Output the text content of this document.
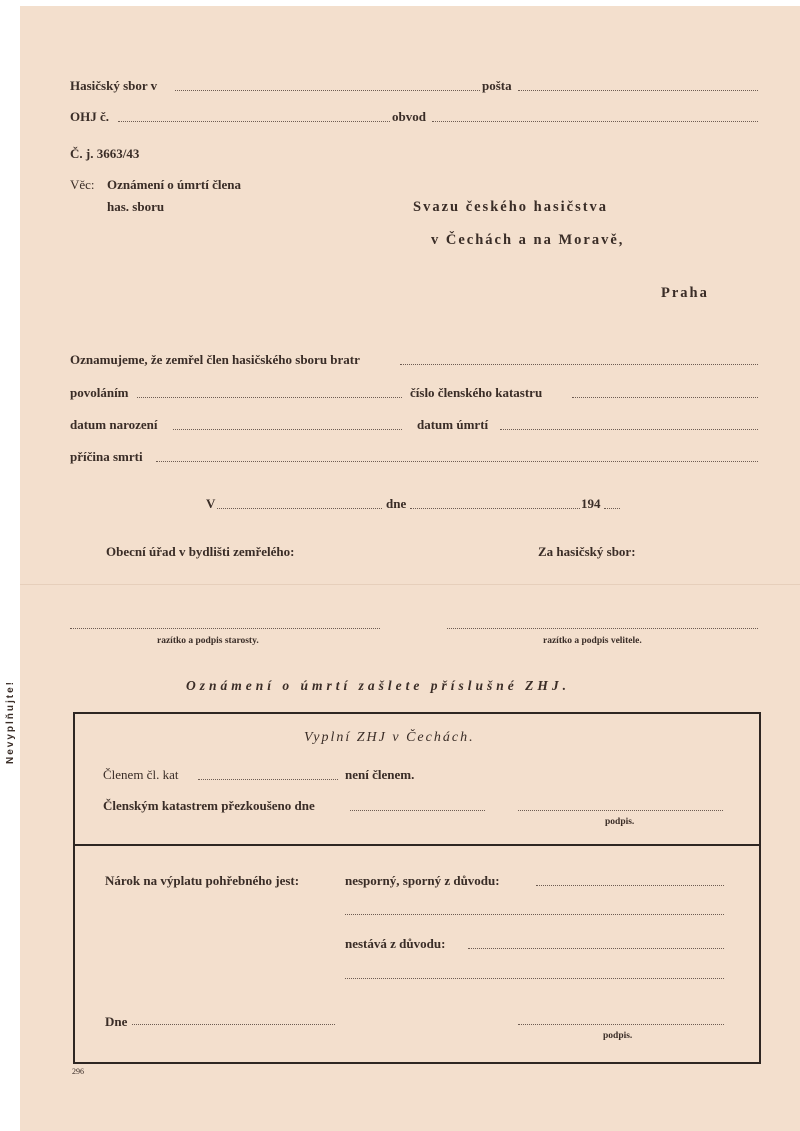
Hasičský sbor v	pošta
OHJ č.	obvod
Č. j. 3663/43
Věc: Oznámení o úmrtí člena
has. sboru	Svazu českého hasičstva
v Čechách a na Moravě,
Praha
Oznamujeme, že zemřel člen hasičského sboru bratr
povoláním	číslo členského katastru
datum narození	datum úmrtí
příčina smrti
V	dne	194
Obecní úřad v bydlišti zemřelého:	Za hasičský sbor:
razítko a podpis starosty.	razítko a podpis velitele.
Oznámení o úmrtí zašlete příslušné ZHJ.
Nevyplňujte!	Vyplní ZHJ v Čechách.
Členem čl. kat	není členem.
Členským katastrem přezkoušeno dne
podpis.
Nárok na výplatu pohřebného jest:	nesporný, sporný z důvodu:
nestává z důvodu:
Dne
podpis.
296
